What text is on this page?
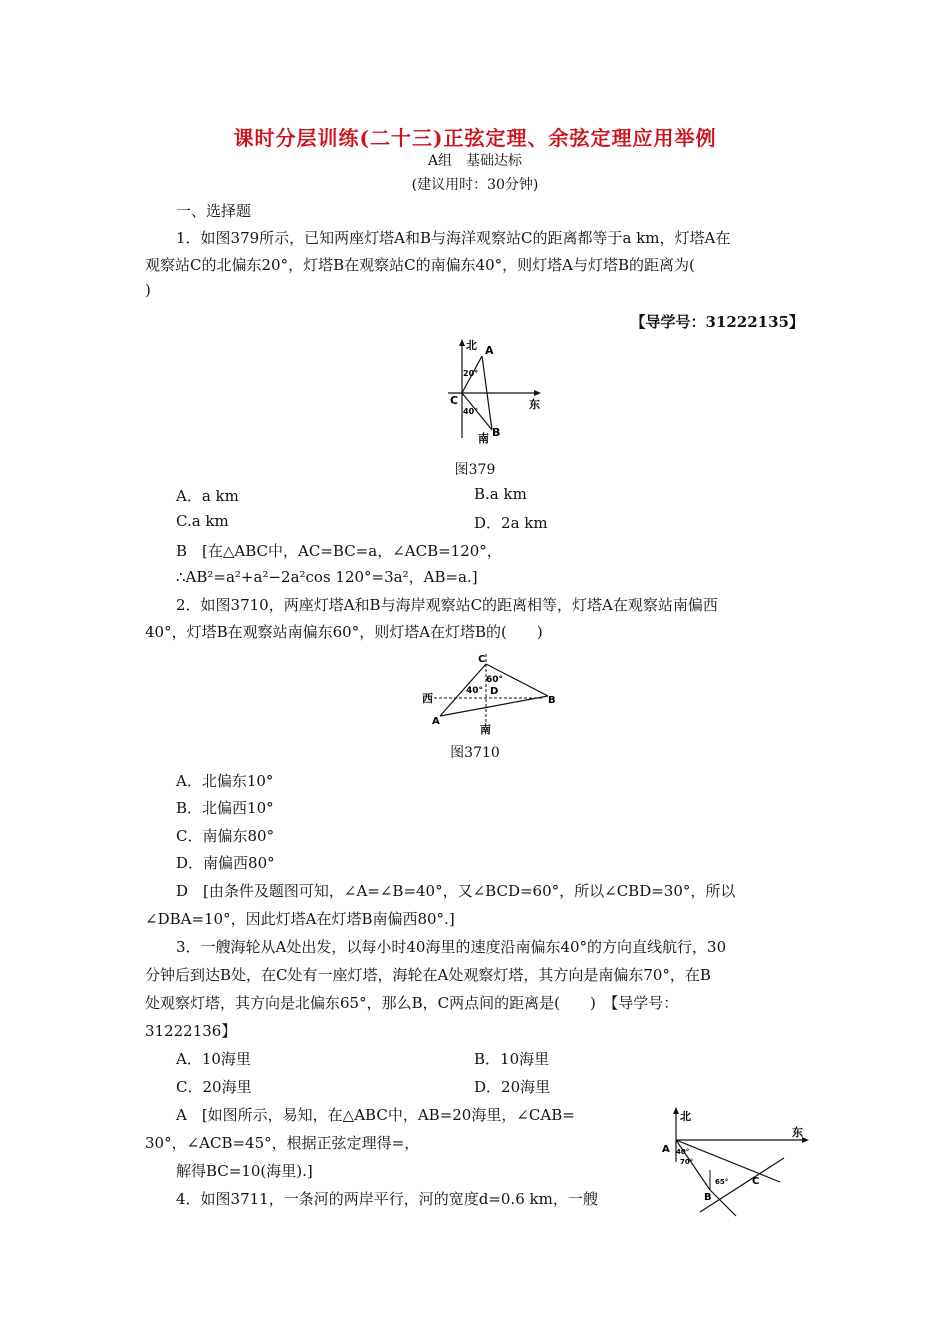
课时分层训练(二十三)正弦定理、余弦定理应用举例
A组　基础达标
(建议用时：30分钟)
一、选择题
1．如图379所示，已知两座灯塔A和B与海洋观察站C的距离都等于a km，灯塔A在
观察站C的北偏东20°，灯塔B在观察站C的南偏东40°，则灯塔A与灯塔B的距离为(
)
【导学号：31222135】
北 A
20°
C
40°
东
B
南
图379
A．a km	B.a km
C.a km	D．2a km
B　[在△ABC中，AC=BC=a，∠ACB=120°，
∴AB²=a²+a²−2a²cos 120°=3a²，AB=a.]
2．如图3710，两座灯塔A和B与海岸观察站C的距离相等，灯塔A在观察站南偏西
40°，灯塔B在观察站南偏东60°，则灯塔A在灯塔B的(　　)
C
60°
40° D
西	B
A
南
图3710
A．北偏东10°
B．北偏西10°
C．南偏东80°
D．南偏西80°
D　[由条件及题图可知，∠A=∠B=40°，又∠BCD=60°，所以∠CBD=30°，所以
∠DBA=10°，因此灯塔A在灯塔B南偏西80°.]
3．一艘海轮从A处出发，以每小时40海里的速度沿南偏东40°的方向直线航行，30
分钟后到达B处，在C处有一座灯塔，海轮在A处观察灯塔，其方向是南偏东70°，在B
处观察灯塔，其方向是北偏东65°，那么B，C两点间的距离是(　　)　【导学号：
31222136】
A．10海里	B．10海里
C．20海里	D．20海里
A　[如图所示，易知，在△ABC中，AB=20海里，∠CAB=
30°，∠ACB=45°，根据正弦定理得=，
解得BC=10(海里).]
北
东
A 40°
70°
65° C
B
4．如图3711，一条河的两岸平行，河的宽度d=0.6 km，一艘
